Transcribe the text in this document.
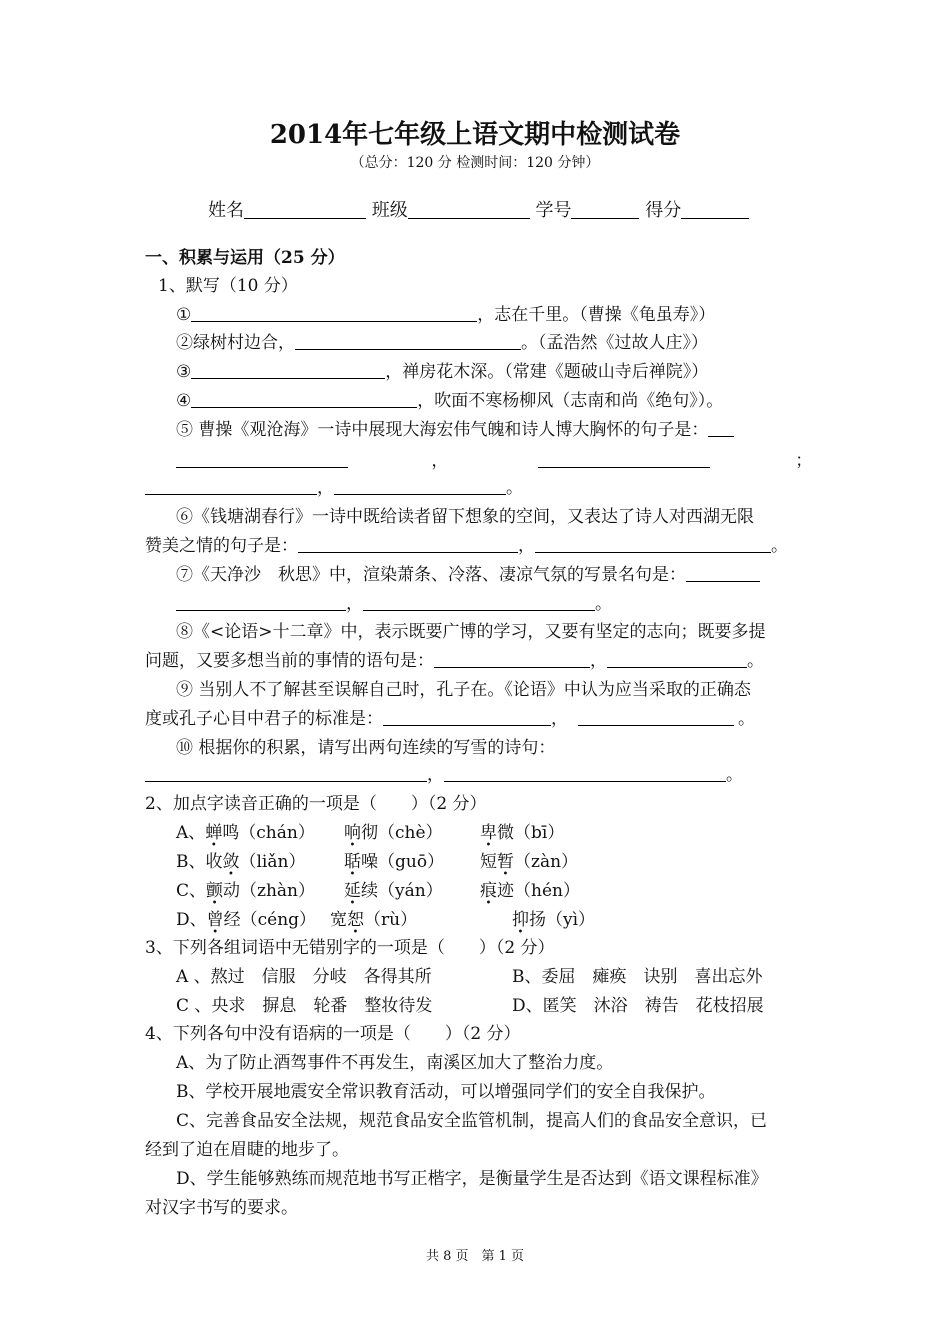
2014年七年级上语文期中检测试卷
（总分：120 分 检测时间：120 分钟）
姓名	班级	学号	得分
一、积累与运用（25 分）
1、默写（10 分）
①	，志在千里。（曹操《龟虽寿》）
②绿树村边合，	。（孟浩然《过故人庄》）
③	，禅房花木深。（常建《题破山寺后禅院》）
④	，吹面不寒杨柳风（志南和尚《绝句》）。
⑤ 曹操《观沧海》一诗中展现大海宏伟气魄和诗人博大胸怀的句子是：
，	；
，	。
⑥《钱塘湖春行》一诗中既给读者留下想象的空间，又表达了诗人对西湖无限
赞美之情的句子是：	，	。
⑦《天净沙　秋思》中，渲染萧条、冷落、凄凉气氛的写景名句是：
，	。
⑧《<论语>十二章》中，表示既要广博的学习，又要有坚定的志向；既要多提
问题，又要多想当前的事情的语句是：	，	。
⑨ 当别人不了解甚至误解自己时，孔子在。《论语》中认为应当采取的正确态
度或孔子心目中君子的标准是：	，	。
⑩ 根据你的积累，请写出两句连续的写雪的诗句：
，	。
2、加点字读音正确的一项是（　　）（2 分）
A、蝉鸣（chán） 响彻（chè） 卑微（bī）
B、收敛（liǎn） 聒噪（guō） 短暂（zàn）
C、颤动（zhàn） 延续（yán） 痕迹（hén）
D、曾经（céng） 宽恕（rù）	抑扬（yì）
3、下列各组词语中无错别字的一项是（　　）（2 分）
A 、熬过　信服　分岐　各得其所	B、委屈　瘫痪　诀别　喜出忘外
C 、央求　摒息　轮番　整妆待发	D、匿笑　沐浴　祷告　花枝招展
4、下列各句中没有语病的一项是（　　）（2 分）
A、为了防止酒驾事件不再发生，南溪区加大了整治力度。
B、学校开展地震安全常识教育活动，可以增强同学们的安全自我保护。
C、完善食品安全法规，规范食品安全监管机制，提高人们的食品安全意识，已
经到了迫在眉睫的地步了。
D、学生能够熟练而规范地书写正楷字，是衡量学生是否达到《语文课程标准》
对汉字书写的要求。
共 8 页　第 1 页
